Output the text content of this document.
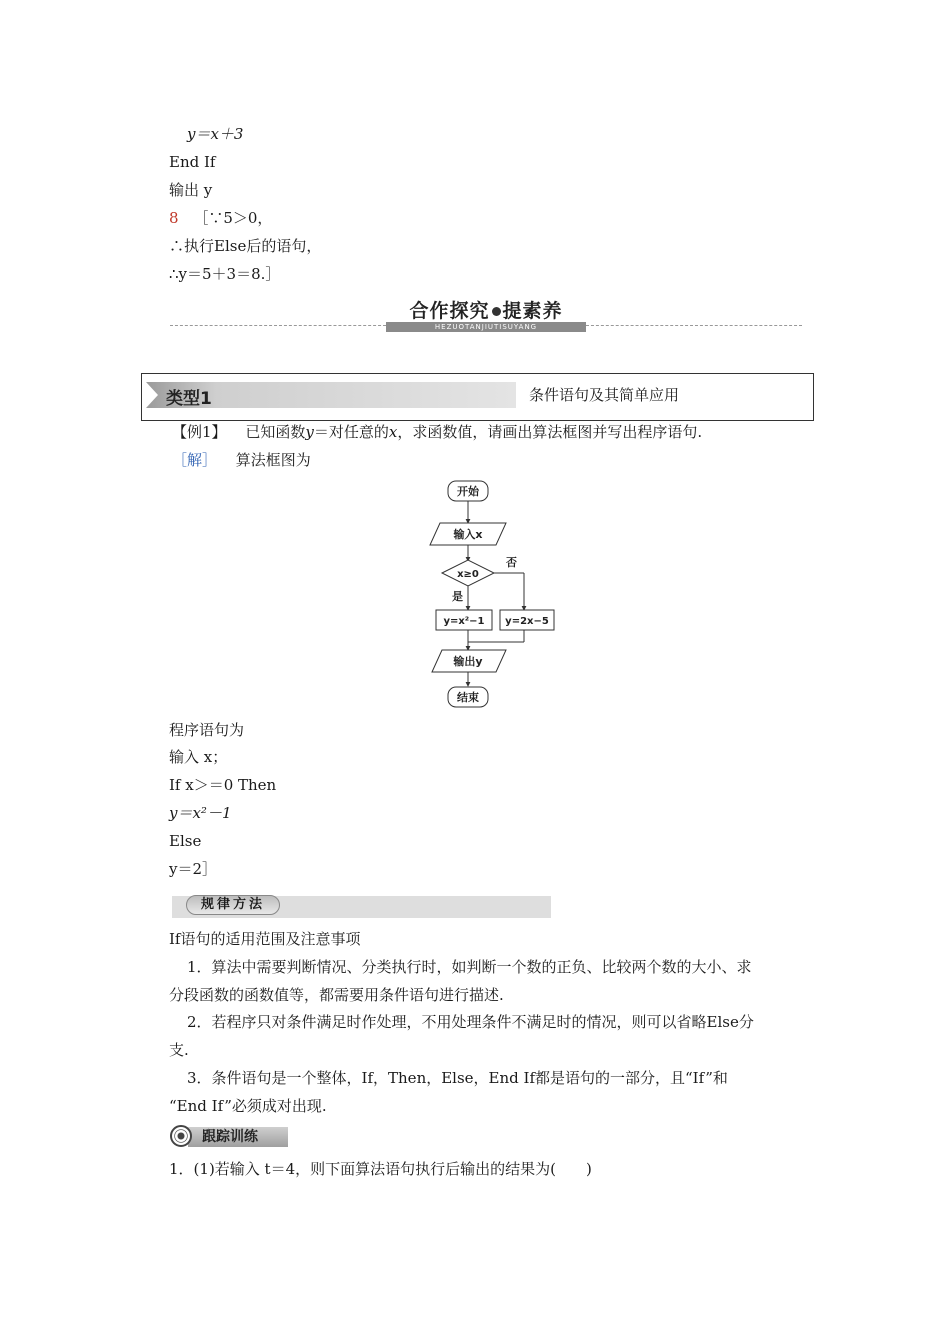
y＝x＋3
End If
输出 y
8 ［∵5＞0，
∴执行Else后的语句，
∴y＝5＋3＝8.］
合作探究 提素养
HEZUOTANJIUTISUYANG
类型1	条件语句及其简单应用
【例1】 已知函数y＝对任意的x，求函数值，请画出算法框图并写出程序语句.
［解］ 算法框图为
开始
输入x
x≥0
否
是
y=x²−1 y=2x−5
输出y
结束
程序语句为
输入 x；
If x＞＝0 Then
y＝x²－1
Else
y＝2］
规律方法
If语句的适用范围及注意事项
1．算法中需要判断情况、分类执行时，如判断一个数的正负、比较两个数的大小、求
分段函数的函数值等，都需要用条件语句进行描述.
2．若程序只对条件满足时作处理，不用处理条件不满足时的情况，则可以省略Else分
支.
3．条件语句是一个整体，If，Then，Else，End If都是语句的一部分，且“If”和
“End If”必须成对出现.
跟踪训练
1．(1)若输入 t＝4，则下面算法语句执行后输出的结果为(　　)
